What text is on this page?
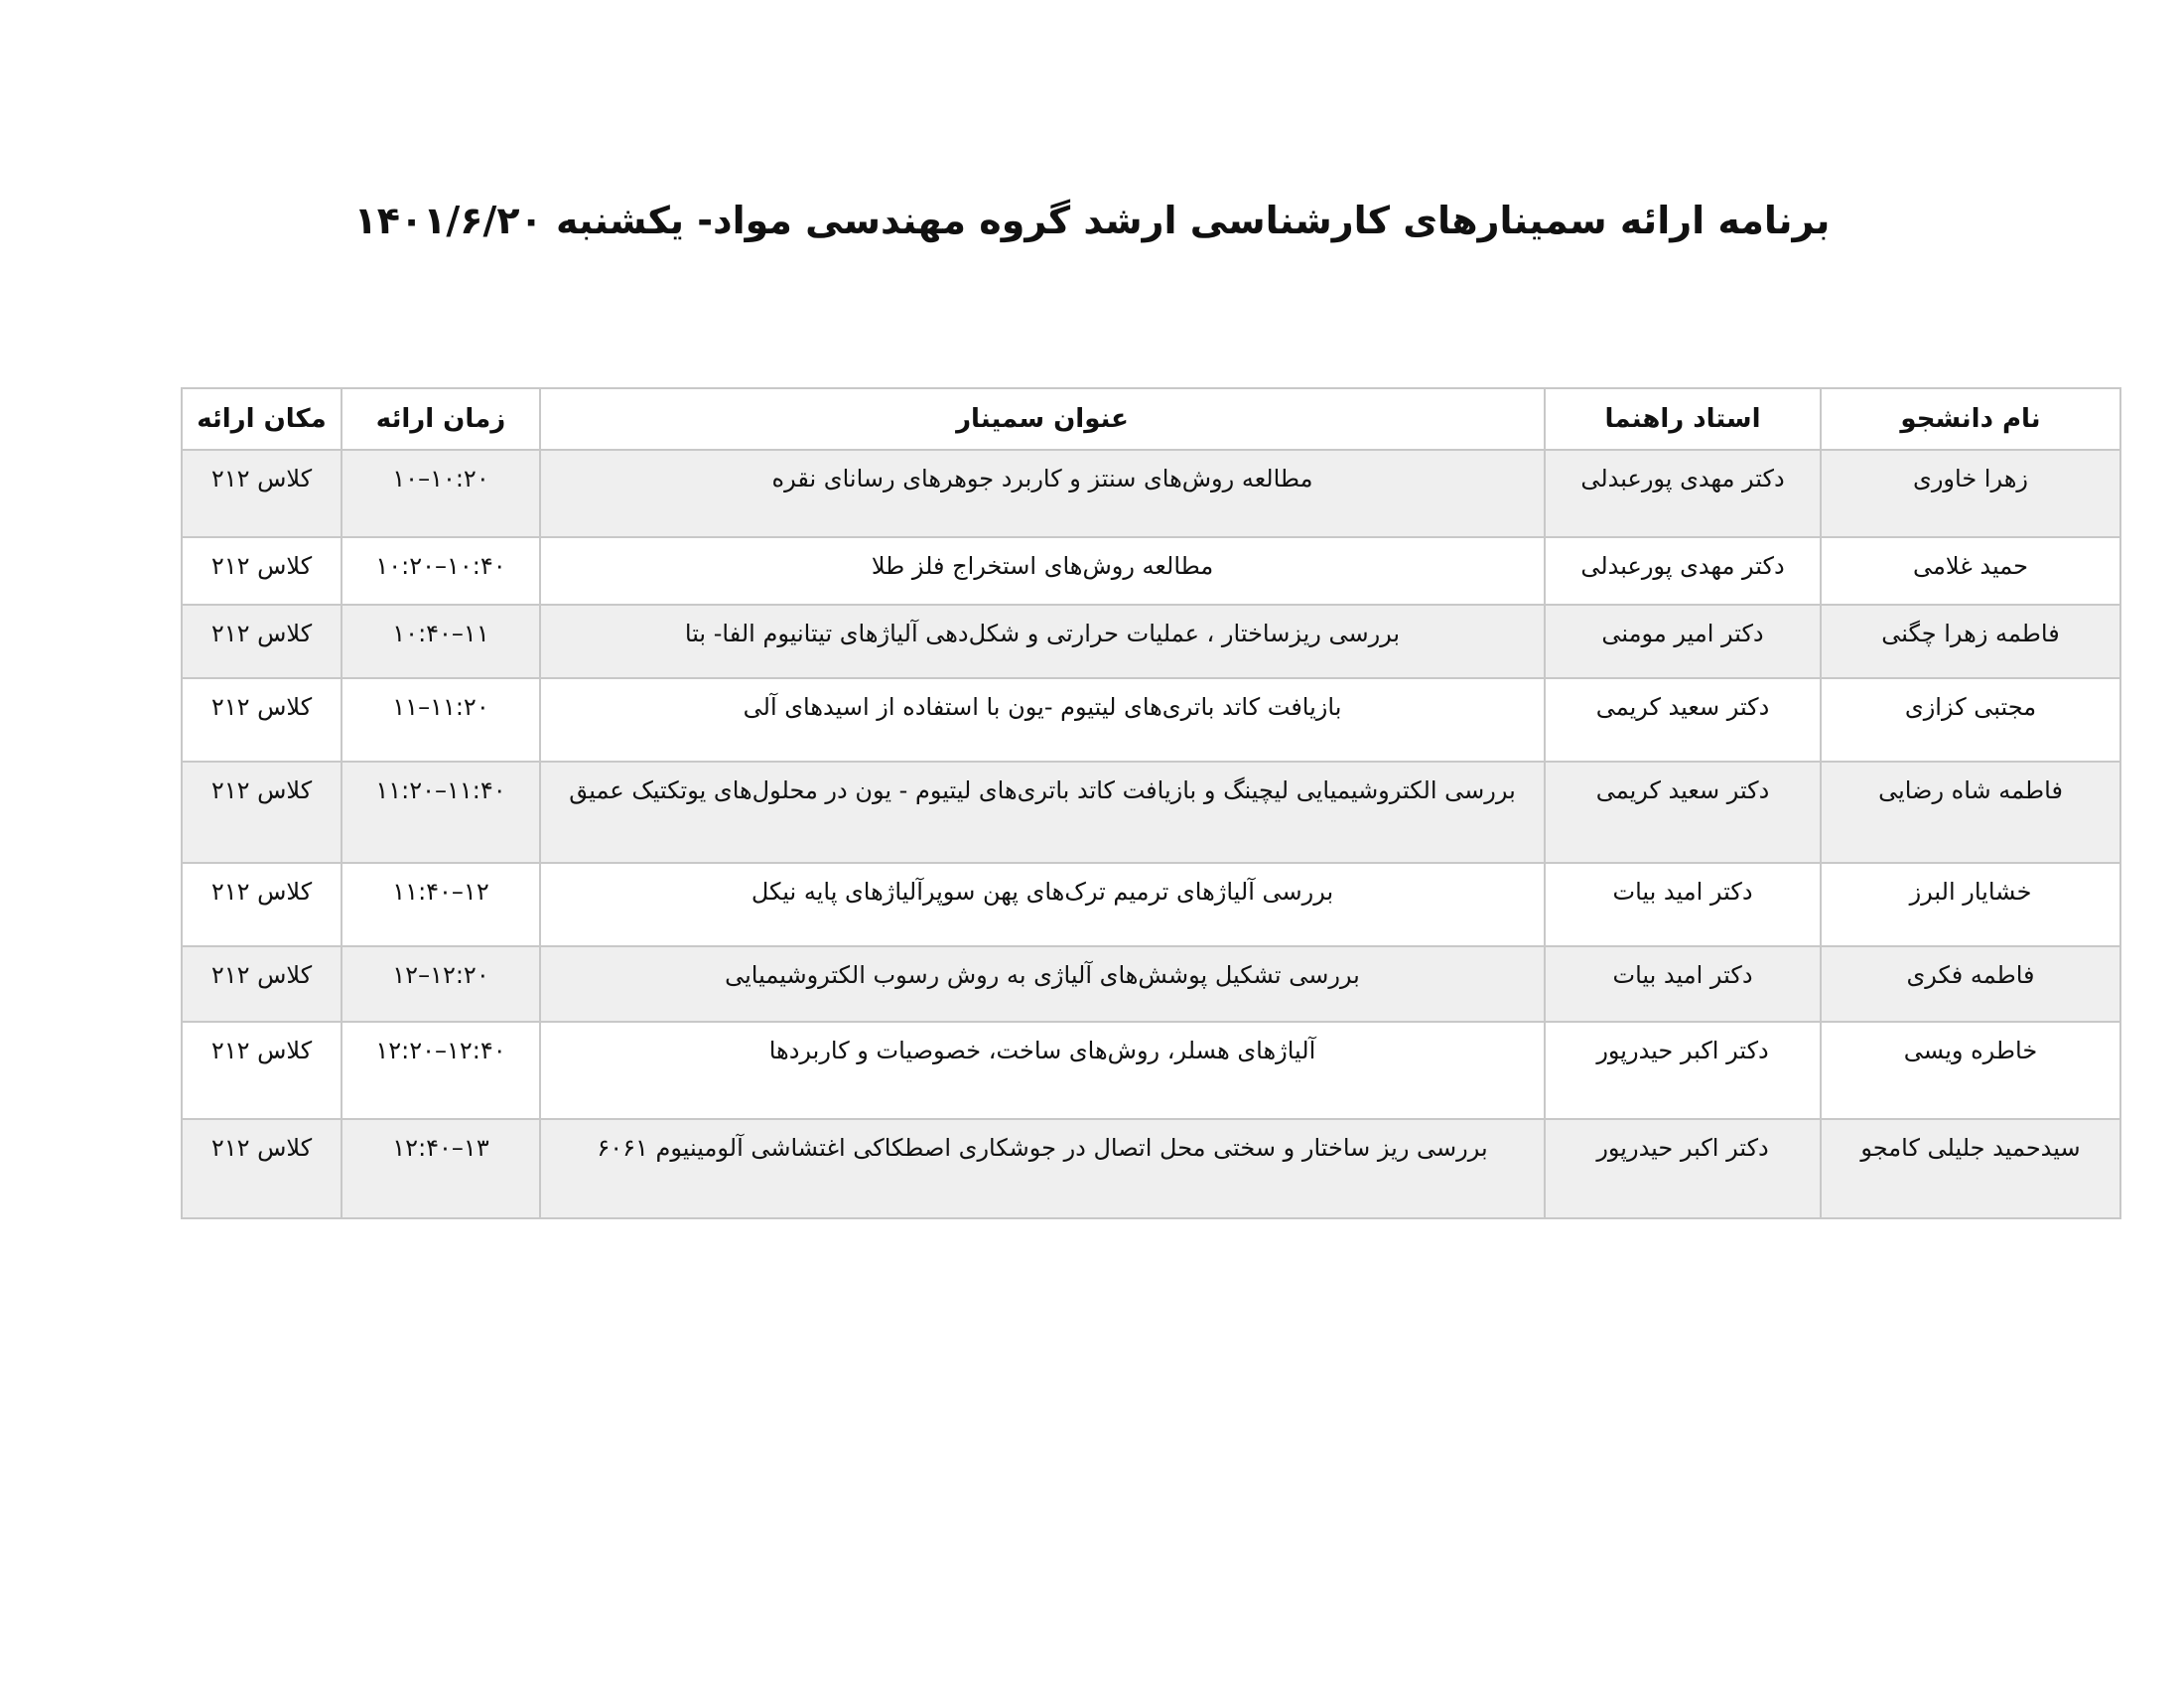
برنامه ارائه سمینارهای کارشناسی ارشد گروه مهندسی مواد- یکشنبه ۱۴۰۱/۶/۲۰
نام دانشجو	استاد راهنما	عنوان سمینار	زمان ارائه	مکان ارائه
زهرا خاوری	دکتر مهدی پورعبدلی	مطالعه روش‌های سنتز و کاربرد جوهرهای رسانای نقره	۱۰–۱۰:۲۰	کلاس ۲۱۲
حمید غلامی	دکتر مهدی پورعبدلی	مطالعه روش‌های استخراج فلز طلا	۱۰:۲۰–۱۰:۴۰	کلاس ۲۱۲
فاطمه زهرا چگنی	دکتر امیر مومنی	بررسی ریزساختار ، عملیات حرارتی و شکل‌دهی آلیاژهای تیتانیوم الفا- بتا	۱۰:۴۰–۱۱	کلاس ۲۱۲
مجتبی کزازی	دکتر سعید کریمی	بازیافت کاتد باتری‌های لیتیوم -یون با استفاده از اسیدهای آلی	۱۱–۱۱:۲۰	کلاس ۲۱۲
فاطمه شاه رضایی	دکتر سعید کریمی	بررسی الکتروشیمیایی لیچینگ و بازیافت کاتد باتری‌های لیتیوم - یون در محلول‌های یوتکتیک عمیق	۱۱:۲۰–۱۱:۴۰	کلاس ۲۱۲
خشایار البرز	دکتر امید بیات	بررسی آلیاژهای ترمیم ترک‌های پهن سوپرآلیاژهای پایه نیکل	۱۱:۴۰–۱۲	کلاس ۲۱۲
فاطمه فکری	دکتر امید بیات	بررسی تشکیل پوشش‌های آلیاژی به روش رسوب الکتروشیمیایی	۱۲–۱۲:۲۰	کلاس ۲۱۲
خاطره ویسی	دکتر اکبر حیدرپور	آلیاژهای هسلر، روش‌های ساخت، خصوصیات و کاربردها	۱۲:۲۰–۱۲:۴۰	کلاس ۲۱۲
سیدحمید جلیلی کامجو	دکتر اکبر حیدرپور	بررسی ریز ساختار و سختی محل اتصال در جوشکاری اصطکاکی اغتشاشی آلومینیوم ۶۰۶۱	۱۲:۴۰–۱۳	کلاس ۲۱۲
